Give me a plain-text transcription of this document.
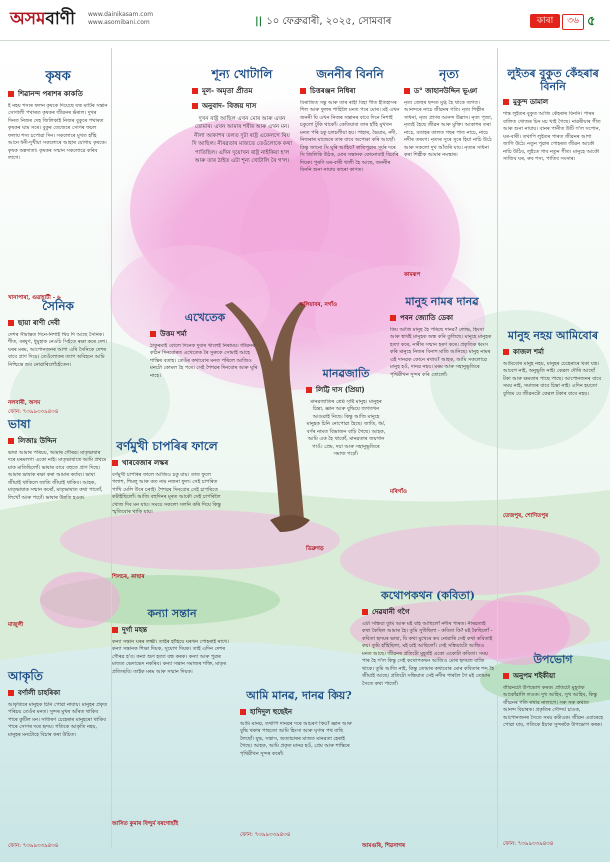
অসমবাণী	www.dainikasam.com
www.asomibani.com	|| ১০ ফেব্ৰুৱাৰী, ২০২৫, সোমবাৰ	কাৰা	৩৬ ৫
কৃষক
শিৱানন্দ পৰাশৰ কাকতি

ই নহয় শস্যৰ ফলন কৃষকে দিয়েছে যত্ন মাটিৰ সন্তান সোণালী পথাৰত কৃষকৰ জীৱনৰ ভঁৰাল। দুখৰ দিনত নিজৰ দেহ জিলিকাই নিজৰ বুকুৰে পথাৰত কৃষকৰ ঘাম সৰে। বুকুৰ তেজেৰে সোণৰ ফচল ফলায় শস্য চপোৱা দিন। সকলোৰে মুখত হাঁহি আনে ধনী-দুখীয়া সকলোৰে আহাৰ যোগায় কৃষকে। কৃষক অন্নদাতা। কৃষকৰ সন্মান সকলোৱে কৰিব লাগে।

খানাপাৰা, গুৱাহাটী - ৬
সৈনিক
ছায়া ৰাণী দেবী

দেশৰ সীমান্তত দিনে-নিশাই থিয় দি আছে সৈনিক। শীত, বৰষুণ, ধুমুহাক নেওচি সিহঁতে ৰক্ষা কৰে দেশ। ঘৰৰ মৰম, আপোনজনৰ আশা এৰি সৈনিকে দেশৰ বাবে প্ৰাণ দিয়ে। তেওঁলোকৰ ত্যাগ অবিহনে আমি নিশ্চিন্তে শুব নোৱাৰিলোঁহেঁতেন।

নলবাৰী, অসম
ফোন: ৭৩৯৯৩৩৯৪৩৪
ভাষা
লিজাঃ উদ্দিন

ভাষা আমাৰ পৰিচয়, আমাৰ গৌৰৱ। মাতৃভাষাৰ দৰে মৰমলগা একো নাই। মাতৃভাষাতে আমি প্ৰথমে মাক মাতিছিলোঁ। ভাষাৰ বাবে বহুতে প্ৰাণ দিছে। আমাৰ ভাষাক ৰক্ষা কৰা আমাৰ কৰ্তব্য। ভাষা জীয়াই থাকিলে জাতি জীয়াই থাকিব। আহক, মাতৃভাষাক সন্মান কৰোঁ, মাতৃভাষাত কথা পাতোঁ, লিখোঁ আৰু পঢ়োঁ। ভাষাৰ উন্নতি হওক।

মাজুলী
আকৃতি
বৰ্ণালী চাহৰিকা

আকৃতিৰে মানুহক চিনি পোৱা নাযায়। মানুহৰ প্ৰকৃত পৰিচয় তেওঁৰ মনত। সুন্দৰ মুখৰ আঁৰত থাকিব পাৰে কুটিল মন। সাধাৰণ চেহেৰাৰ মানুহৰো থাকিব পাৰে সোণৰ দৰে হৃদয়। গতিকে আকৃতি নহয়, মানুহৰ মনটোহে বিচাৰ কৰা উচিত।

ফোন: ৭৩৯৯৩৩৯৪৩৪
শূন্য খোটালি
মূল- অমৃতা প্ৰীতম
অনুবাদ- বিজয় দাস

দুখন ৰাষ্ট্ৰ আছিল এখন মোৰ আৰু এখন তোমাৰ। এখন আমাৰ শৰীৰ আৰু এখন মন। নীলা আকাশৰ তলত দুটা ৰাষ্ট্ৰ একেলগে থিয় দি আছিল। নীৰৱতাৰ মাজতে তেওঁলোকে কথা পাতিছিল। এদিন দুয়োখন ৰাষ্ট্ৰ নাইকিয়া হ'ল আৰু তাৰ ঠাইত এটা শূন্য খোটালি ৰৈ গ'ল।

জননীৰ বিননি
চিত্তৰঞ্জন নিধিৰা

বিৰাজিত সন্তু আৰু তাৰ ৰাহী বিহা গীত ইতিহাসৰ শিল আৰু ফুলৰ পাহিলৈ মনত পৰে মোৰ। মই এখন জননী যি এখন নিজৰ সন্তানৰ বাবে দিনে নিশাই চকুলো টুকি থাকোঁ। কেতিয়াবা তাৰ হাঁহি মুখখন মনত পৰি চকু চলচলীয়া হয়। পাহাৰ, ভৈয়াম, নদী, নিজৰাৰ মাজেৰে তাৰ বাবে অপেক্ষা কৰি আছোঁ। কিন্তু জানো সি ঘূৰি আহিব? ৰাতিপুৱাৰ সূৰ্যৰ দৰে সি জিলিকি উঠক, মোৰ সন্তানক কোনোবাই বিচাৰি দিয়ক। পুৰণি ঘৰ-বাৰী খালী হৈ আছে, জননীৰ বিননি শুনা নাযায় কাৰো কাণত।

কলিয়াবৰ, নগাঁও
নৃত্য
ড° জাহানউদ্দিন ভূঞা

নৃত্য জেহুৰ ছন্দত মুগ্ধ হৈ থাকে জগত। আনন্দৰে নাচে জীৱনৰ গতি। নৃত্য শিল্পীৰ সাধনা, নৃত্য প্ৰাণৰ আনন্দ উল্লাস। নৃত্য পূজা, নৃত্যই হৈছে জীৱন আৰু মুক্তি। আকাশৰ তৰা নাচে, বতাহৰ তালত গছৰ পাত নাচে, নাচে নদীৰ তৰংগ। নৃত্যৰ সুৰে সুৰে হিয়া নাচি উঠে আৰু সকলো দুখ আঁতৰি যায়। নৃত্যৰ সাধনা কৰা শিল্পীক আমাৰ নমস্কাৰ।

কামৰূপ
লুইতৰ বুকুত কেঁহৰাৰ বিননি
মুকুন্দ ডামাল

শান্ত লুইতৰ বুকুত আজি কেঁহৰাৰ বিননি। পাৰৰ বালিত খোজৰ চিন মচ খাই গৈছে। নাৱৰীয়াৰ গীত আৰু শুনা নাযায়। বানৰ পানীত উটি গ'ল সপোন, ঘৰ-বাৰী। তথাপি লুইতৰ পাৰত জীৱনৰ আশা জাগি উঠে। নতুন পুৱাৰ পোহৰত জীৱন আকৌ নাচি উঠিব, লুইতে গাব নতুন গীত। মানুহে আকৌ সাজিব ঘৰ, ৰুব শস্য, পাতিব সংসাৰ।

এখেতেক
উত্তম শৰ্মা

ঠাকুৰমাই বোলে দিনেক দুবাৰ খালেই নিৰাময়। জীৱনৰ কঠিন দিনবোৰত এখেতেক ৰৈ সুৰুকে সোমাই আহে শান্তিৰ বতাহ। তেওঁৰ কথাবোৰ মনত পৰিলে আজিও মনটো কোমল হৈ পৰে। সেই শৈশৱৰ দিনবোৰ আৰু ঘূৰি নাহে।	মানৱজাতি
লিট্টি দাস (প্ৰিয়া)

মানৱজাতিৰ শ্ৰেষ্ঠ সৃষ্টি মানুহ। মানুহৰ চিন্তা, জ্ঞান আৰু বুদ্ধিয়ে জগতখন আগুৱাই নিছে। কিন্তু আজি মানুহে মানুহক চিনি নোপোৱা হৈছে। জাতি, ধৰ্ম, বৰ্ণৰ নামত বিভাজন বাঢ়ি গৈছে। আহক, আমি এক হৈ থাকোঁ, মানৱতাৰ জয়গান গাওঁ। প্ৰেম, দয়া আৰু সহানুভূতিৰে সমাজ গঢ়োঁ।

ডিব্ৰুগড়
বৰ্ণমুখী চাপৰিৰ ফালে
খাৰবেজাৰ লস্কৰ

বৰ্ণমুখী চাপৰিৰ ফালে আজিও চকু যায়। তাত ফুলে পলাশ, শিমলু আৰু কত নাম নজনা ফুল। সেই চাপৰিত পাখি মেলি উৰে চৰাই। শৈশৱৰ দিনবোৰ সেই চাপৰিতে কটাইছিলোঁ। আজি বহুদিনৰ মূৰত আকৌ সেই চাপৰিলৈ খোজ দিব মন যায়। সময়ে সকলো সলনি কৰি দিয়ে কিন্তু স্মৃতিবোৰ থাকি যায়।

শিলচৰ, কাছাৰ
মানুহ নামৰ দানৱ
পবন জ্যোতি ডেকা

কিয় আজি মানুহ হৈ পৰিছে দানৱ? লোভ, হিংসা আৰু স্বাৰ্থই মানুহক অন্ধ কৰি তুলিছে। মানুহে মানুহক হত্যা কৰে, নাৰীৰ সন্মান হৰণ কৰে। প্ৰকৃতিক ধ্বংস কৰি মানুহে নিজৰ বিনাশ মাতি আনিছে। মানুহ নামৰ এই দানৱক কোনে ৰখাব? আহক, আমি সকলোৱে মানুহ হওঁ, দানৱ নহয়। মৰম আৰু সহানুভূতিৰে পৃথিৱীখন সুন্দৰ কৰি তোলোঁ।

মৰিগাঁও
মানুহ নহয় আমিবোৰ
কাজল শৰ্মা

আমিবোৰ মানুহ নহয়, মানুহৰ চেহেৰাৰে থকা যন্ত্ৰ। আবেগ নাই, অনুভূতি নাই। কেৱল দৌৰি আছোঁ টকা আৰু ক্ষমতাৰ পাছে পাছে। আপোনজনৰ বাবে সময় নাই, সমাজৰ বাবে চিন্তা নাই। এদিন হয়তো বুজিম যে জীৱনটো কেৱল টকাৰ বাবে নহয়।

তেজপুৰ, শোণিতপুৰ
কন্যা সন্তান
দুৰ্গা মহন্ত

কন্যা সন্তান ঘৰৰ লক্ষ্মী। তাইৰ হাঁহিয়ে ঘৰখন পোহৰাই ৰাখে। কন্যা সন্তানক শিক্ষা দিয়ক, সুযোগ দিয়ক। তাই এদিন দেশৰ গৌৰৱ হ'ব। কন্যা ভ্ৰূণ হত্যা বন্ধ কৰক। কন্যা আৰু পুত্ৰৰ মাজত ভেদাভেদ নকৰিব। কন্যা সন্তান সমাজৰ শক্তি, মাতৃৰ প্ৰতিচ্ছবি। তাইক মৰম আৰু সন্মান দিয়ক।

আসিত কুমাৰ বিন্দুৰ্ম বৰগোহাঁই
আমি মানৱ, দানৱ কিয়?
হাদিদুল হুছেইন

আমি মানৱ, তথাপি দানৱৰ দৰে আচৰণ কিয়? জ্ঞান আৰু বুদ্ধি থকাৰ পাছতো আমি হিংসা আৰু ঘৃণাৰ পথ বাছি লৈছোঁ। যুদ্ধ, সন্ত্ৰাস, অত্যাচাৰৰ মাজত মানৱতা হেৰাই গৈছে। আহক, আমি প্ৰকৃত মানৱ হওঁ, প্ৰেম আৰু শান্তিৰে পৃথিৱীখন সুন্দৰ কৰোঁ।

ফোন: ৭৩৯৯৩৩৯৪৩৪
কথোপকথন (কবিতা)
দেৱযানী গগৈ

এটা সন্ধিয়া তুমি আৰু মই বহি আছিলোঁ নদীৰ পাৰত। নীৰৱতাই কথা কৈছিল আমাৰ হৈ। তুমি সুধিছিলা - কবিতা কি? মই কৈছিলোঁ - কবিতা হৃদয়ৰ ভাষা, যি কথা মুখেৰে কব নোৱাৰি সেই কথা কবিতাই কয়। তুমি হাঁহিছিলা, মই চাই আছিলোঁ। সেই সন্ধিয়াটো আজিও মনত আছে। জীৱনৰ প্ৰতিটো মুহূৰ্তই একো একোটা কবিতা। সময় পাৰ হৈ গ'ল কিন্তু সেই কথোপকথন আজিও মোৰ হৃদয়ত বাজি থাকে। তুমি আজি নাই, কিন্তু তোমাৰ কথাবোৰ মোৰ কবিতাৰ শব্দ হৈ জীয়াই আছে। প্ৰতিটো সন্ধিয়াত সেই নদীৰ পাৰলৈ গৈ মই তোমাৰ সৈতে কথা পাতোঁ।

আমগুৰি, শিৱসাগৰ
উপভোগ
অনুপম শইকীয়া

জীৱনটো উপভোগ কৰক। প্ৰতিটো মুহূৰ্তক আকোঁৱালি লওক। দুখ আহিব, সুখ আহিব, কিন্তু জীৱনৰ গতি ৰখাব নালাগে। সৰু সৰু কথাত আনন্দ বিচাৰক। প্ৰকৃতিৰ সৌন্দৰ্য চাওক, আপোনজনৰ সৈতে সময় কটাওক। জীৱন এবাৰেহে পোৱা যায়, গতিকে ইয়াক সুন্দৰকৈ উপভোগ কৰক।

ফোন: ৭৩৯৯৩৩৯৪৩৪
